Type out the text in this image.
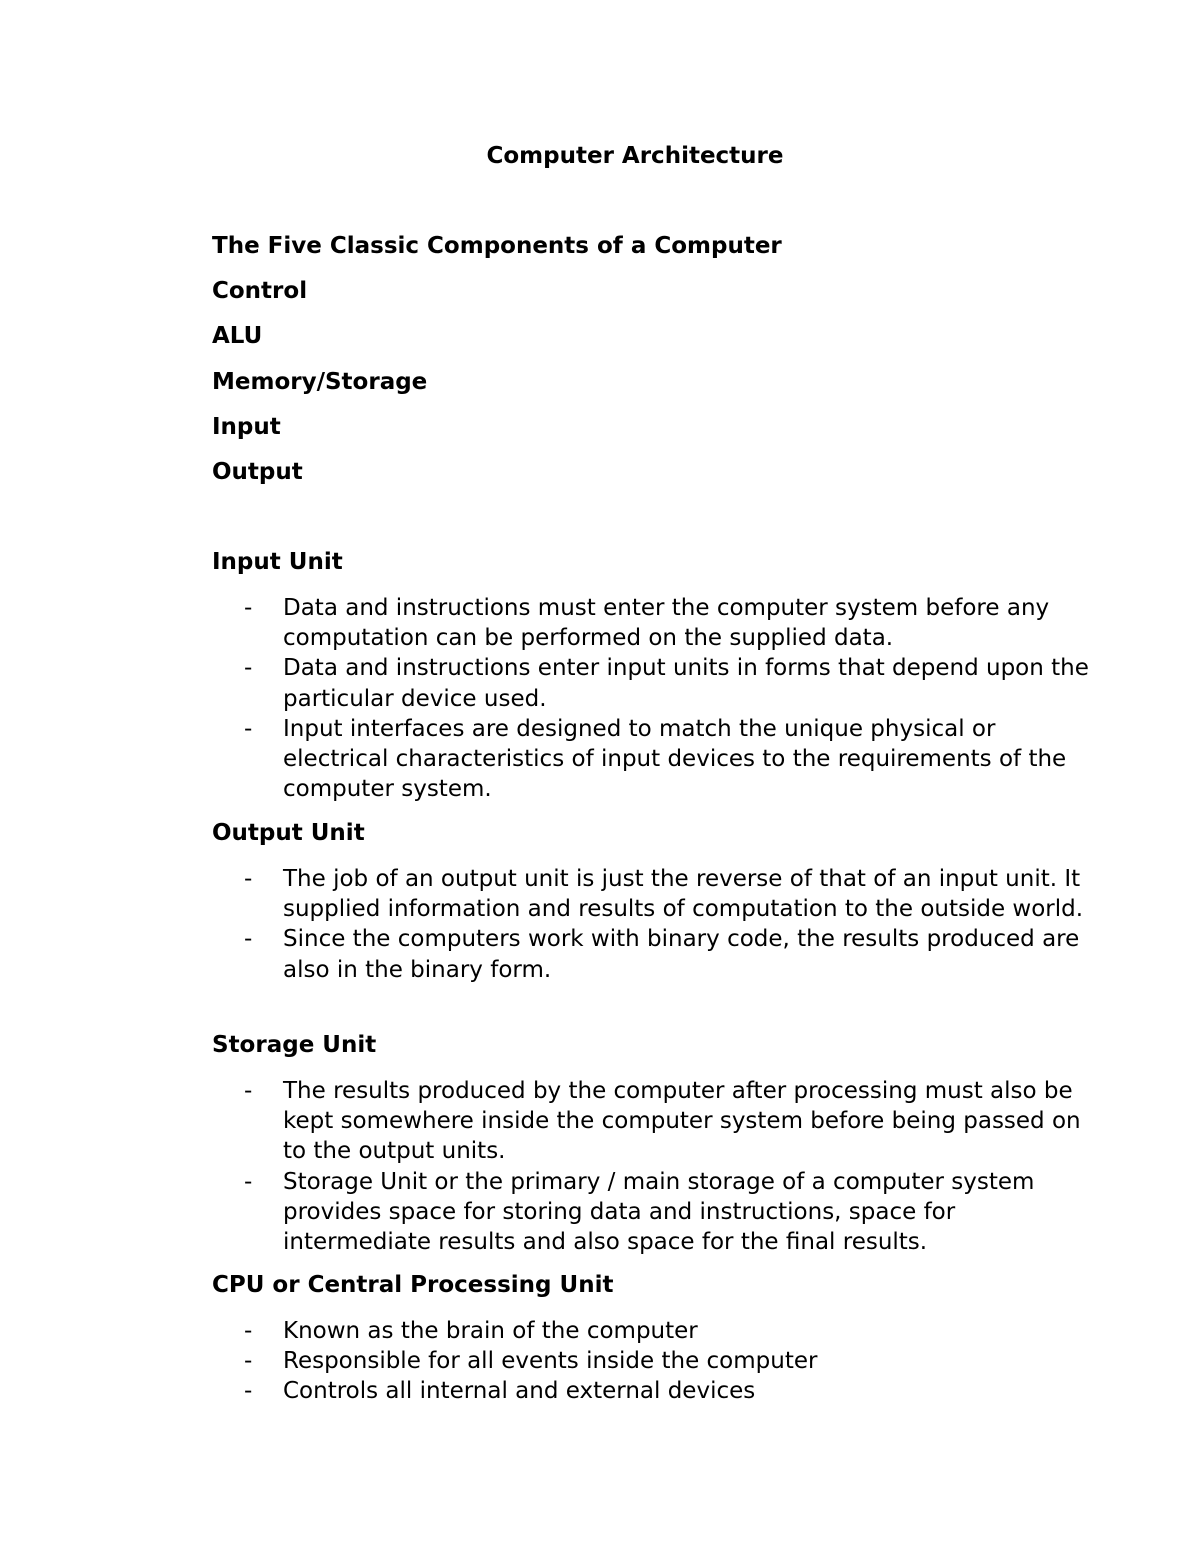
Computer Architecture
The Five Classic Components of a Computer
Control
ALU
Memory/Storage
Input
Output
Input Unit
- Data and instructions must enter the computer system before any computation can be performed on the supplied data.
- Data and instructions enter input units in forms that depend upon the particular device used.
- Input interfaces are designed to match the unique physical or electrical characteristics of input devices to the requirements of the computer system.
Output Unit
- The job of an output unit is just the reverse of that of an input unit. It supplied information and results of computation to the outside world.
- Since the computers work with binary code, the results produced are also in the binary form.
Storage Unit
- The results produced by the computer after processing must also be kept somewhere inside the computer system before being passed on to the output units.
- Storage Unit or the primary / main storage of a computer system provides space for storing data and instructions, space for intermediate results and also space for the final results.
CPU or Central Processing Unit
- Known as the brain of the computer
- Responsible for all events inside the computer
- Controls all internal and external devices
